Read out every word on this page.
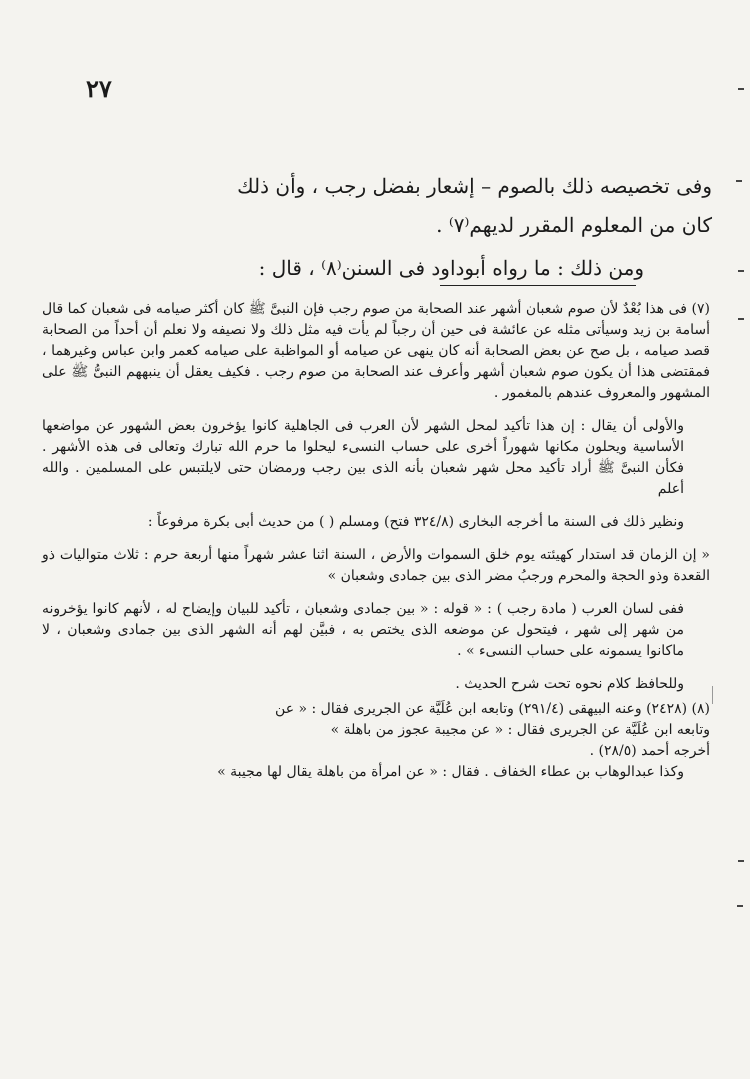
٢٧

وفى تخصيصه ذلك بالصوم – إشعار بفضل رجب ، وأن ذلك

كان من المعلوم المقرر لديهم⁽٧⁾ .

ومن ذلك : ما رواه أبوداود فى السنن⁽٨⁾ ، قال :

(٧) فى هذا بُعْدٌ لأن صوم شعبان أشهر عند الصحابة من صوم رجب فإن النبىَّ ﷺ كان أكثر صيامه فى شعبان كما قال أسامة بن زيد وسيأتى مثله عن عائشة فى حين أن رجباً لم يأت فيه مثل ذلك ولا نصيفه ولا نعلم أن أحداً من الصحابة قصد صيامه ، بل صح عن بعض الصحابة أنه كان ينهى عن صيامه أو المواظبة على صيامه كعمر وابن عباس وغيرهما ، فمقتضى هذا أن يكون صوم شعبان أشهر وأعرف عند الصحابة من صوم رجب . فكيف يعقل أن ينبههم النبىُّ ﷺ على المشهور والمعروف عندهم بالمغمور .

والأولى أن يقال : إن هذا تأكيد لمحل الشهر لأن العرب فى الجاهلية كانوا يؤخرون بعض الشهور عن مواضعها الأساسية ويحلون مكانها شهوراً أخرى على حساب النسىء ليحلوا ما حرم الله تبارك وتعالى فى هذه الأشهر . فكأن النبىَّ ﷺ أراد تأكيد محل شهر شعبان بأنه الذى بين رجب ورمضان حتى لايلتبس على المسلمين . والله أعلم

ونظير ذلك فى السنة ما أخرجه البخارى (٣٢٤/٨ فتح) ومسلم ( ) من حديث أبى بكرة مرفوعاً :

« إن الزمان قد استدار كهيئته يوم خلق السموات والأرض ، السنة اثنا عشر شهراً منها أربعة حرم : ثلاث متواليات ذو القعدة وذو الحجة والمحرم ورجبُ مضر الذى بين جمادى وشعبان »

ففى لسان العرب ( مادة رجب ) : « قوله : « بين جمادى وشعبان ، تأكيد للبيان وإيضاح له ، لأنهم كانوا يؤخرونه من شهر إلى شهر ، فيتحول عن موضعه الذى يختص به ، فبيَّن لهم أنه الشهر الذى بين جمادى وشعبان ، لا ماكانوا يسمونه على حساب النسىء » .

وللحافظ كلام نحوه تحت شرح الحديث .

(٨) (٢٤٢٨) وعنه البيهقى (٢٩١/٤) وتابعه ابن عُلَيَّة عن الجريرى فقال : « عن

وتابعه ابن عُلَيَّة عن الجريرى فقال : « عن مجيبة عجوز من باهلة »

أخرجه أحمد (٢٨/٥) .

وكذا عبدالوهاب بن عطاء الخفاف . فقال : « عن امرأة من باهلة يقال لها مجيبة »
